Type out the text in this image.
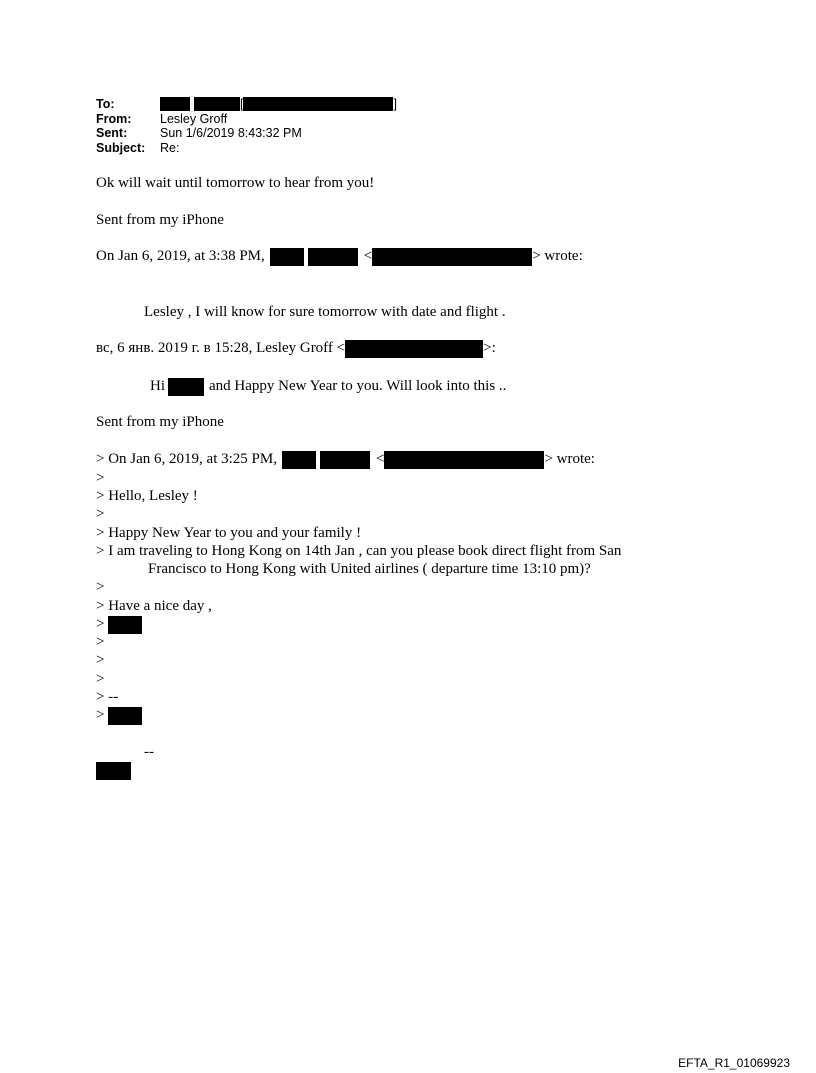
To:	[	]
From:	Lesley Groff
Sent:	Sun 1/6/2019 8:43:32 PM
Subject:	Re:
Ok will wait until tomorrow to hear from you!
Sent from my iPhone
On Jan 6, 2019, at 3:38 PM,	<	> wrote:
Lesley , I will know for sure tomorrow with date and flight .
вс, 6 янв. 2019 г. в 15:28, Lesley Groff <	>:
Hi	and Happy New Year to you. Will look into this ..
Sent from my iPhone
> On Jan 6, 2019, at 3:25 PM,	<	> wrote:
>
> Hello, Lesley !
>
> Happy New Year to you and your family !
> I am traveling to Hong Kong on 14th Jan , can you please book direct flight from San
Francisco to Hong Kong with United airlines ( departure time 13:10 pm)?
>
> Have a nice day ,
>
>
>
>
> --
>
--
EFTA_R1_01069923
